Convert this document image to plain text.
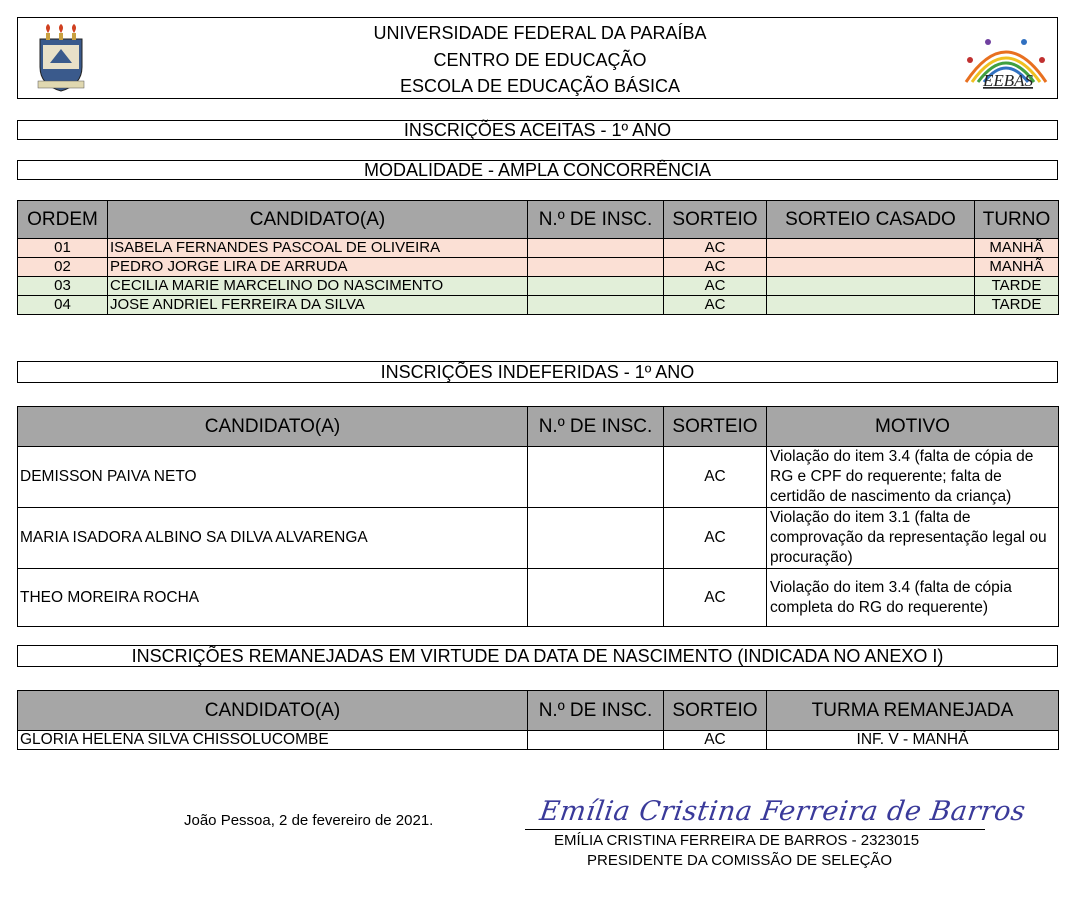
UNIVERSIDADE FEDERAL DA PARAÍBA
CENTRO DE EDUCAÇÃO
ESCOLA DE EDUCAÇÃO BÁSICA	EEBAS
INSCRIÇÕES ACEITAS - 1º ANO
MODALIDADE - AMPLA CONCORRÊNCIA
ORDEM	CANDIDATO(A)	N.º DE INSC.	SORTEIO	SORTEIO CASADO	TURNO
01	ISABELA FERNANDES PASCOAL DE OLIVEIRA		AC		MANHÃ
02	PEDRO JORGE LIRA DE ARRUDA		AC		MANHÃ
03	CECILIA MARIE MARCELINO DO NASCIMENTO		AC		TARDE
04	JOSE ANDRIEL FERREIRA DA SILVA		AC		TARDE
INSCRIÇÕES INDEFERIDAS - 1º ANO
CANDIDATO(A)	N.º DE INSC.	SORTEIO	MOTIVO
DEMISSON PAIVA NETO		AC	Violação do item 3.4 (falta de cópia de RG e CPF do requerente; falta de certidão de nascimento da criança)
MARIA ISADORA ALBINO SA DILVA ALVARENGA		AC	Violação do item 3.1 (falta de comprovação da representação legal ou procuração)
THEO MOREIRA ROCHA		AC	Violação do item 3.4 (falta de cópia completa do RG do requerente)
INSCRIÇÕES REMANEJADAS EM VIRTUDE DA DATA DE NASCIMENTO (INDICADA NO ANEXO I)
CANDIDATO(A)	N.º DE INSC.	SORTEIO	TURMA REMANEJADA
GLORIA HELENA SILVA CHISSOLUCOMBE		AC	INF. V - MANHÃ
João Pessoa, 2 de fevereiro de 2021.	Emília Cristina Ferreira de Barros
EMÍLIA CRISTINA FERREIRA DE BARROS - 2323015
PRESIDENTE DA COMISSÃO DE SELEÇÃO
